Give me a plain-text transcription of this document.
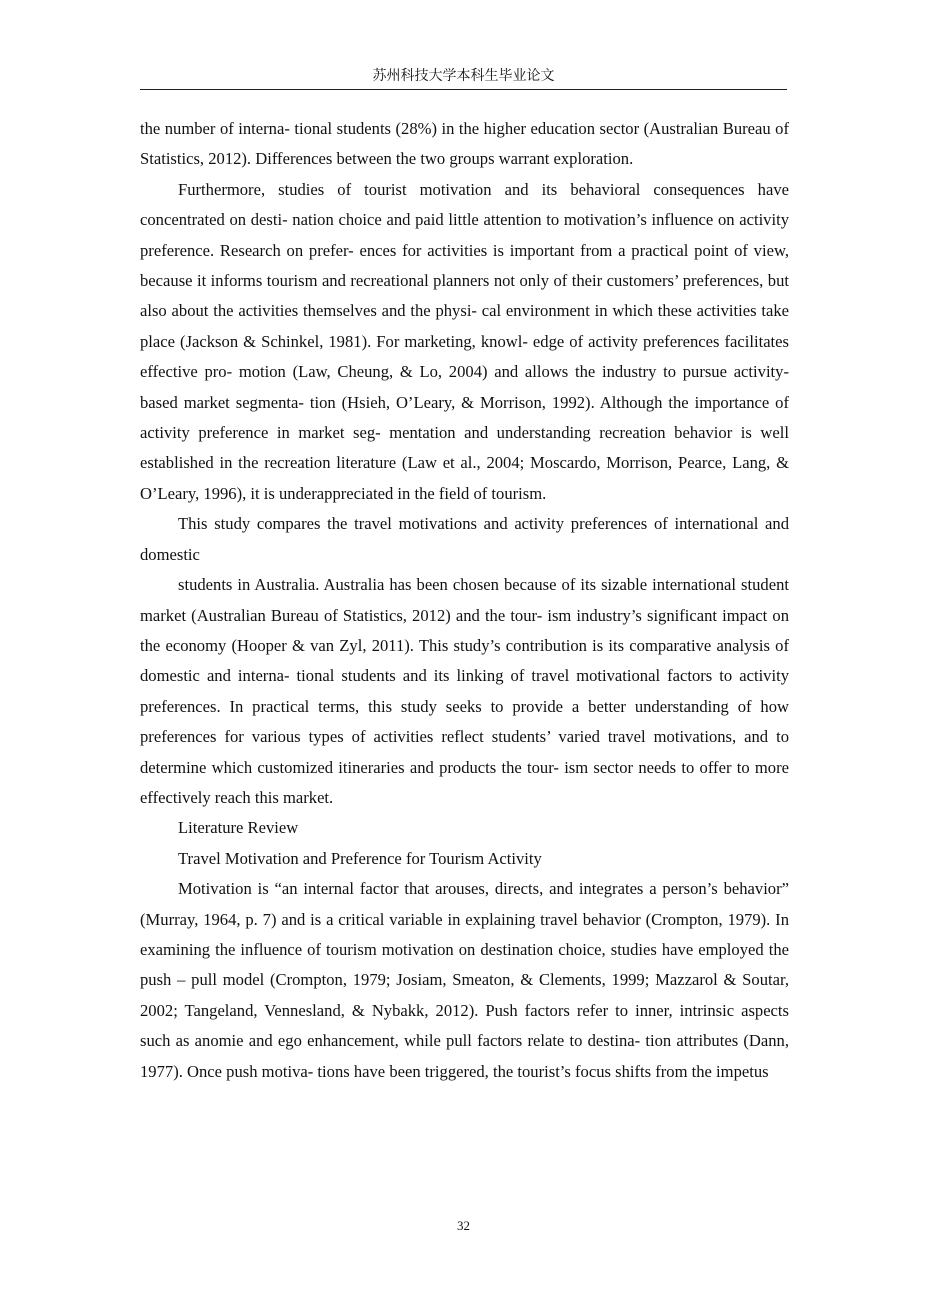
苏州科技大学本科生毕业论文

the number of interna- tional students (28%) in the higher education sector (Australian Bureau of Statistics, 2012). Differences between the two groups warrant exploration.

Furthermore, studies of tourist motivation and its behavioral consequences have concentrated on desti- nation choice and paid little attention to motivation’s influence on activity preference. Research on prefer- ences for activities is important from a practical point of view, because it informs tourism and recreational planners not only of their customers’ preferences, but also about the activities themselves and the physi- cal environment in which these activities take place (Jackson & Schinkel, 1981). For marketing, knowl- edge of activity preferences facilitates effective pro- motion (Law, Cheung, & Lo, 2004) and allows the industry to pursue activity-based market segmenta- tion (Hsieh, O’Leary, & Morrison, 1992). Although the importance of activity preference in market seg- mentation and understanding recreation behavior is well established in the recreation literature (Law et al., 2004; Moscardo, Morrison, Pearce, Lang, & O’Leary, 1996), it is underappreciated in the field of tourism.

This study compares the travel motivations and activity preferences of international and domestic

students in Australia. Australia has been chosen because of its sizable international student market (Australian Bureau of Statistics, 2012) and the tour- ism industry’s significant impact on the economy (Hooper & van Zyl, 2011). This study’s contribution is its comparative analysis of domestic and interna- tional students and its linking of travel motivational factors to activity preferences. In practical terms, this study seeks to provide a better understanding of how preferences for various types of activities reflect students’ varied travel motivations, and to determine which customized itineraries and products the tour- ism sector needs to offer to more effectively reach this market.

Literature Review

Travel Motivation and Preference for Tourism Activity

Motivation is “an internal factor that arouses, directs, and integrates a person’s behavior” (Murray, 1964, p. 7) and is a critical variable in explaining travel behavior (Crompton, 1979). In examining the influence of tourism motivation on destination choice, studies have employed the push – pull model (Crompton, 1979; Josiam, Smeaton, & Clements, 1999; Mazzarol & Soutar, 2002; Tangeland, Vennesland, & Nybakk, 2012). Push factors refer to inner, intrinsic aspects such as anomie and ego enhancement, while pull factors relate to destina- tion attributes (Dann, 1977). Once push motiva- tions have been triggered, the tourist’s focus shifts from the impetus

32
